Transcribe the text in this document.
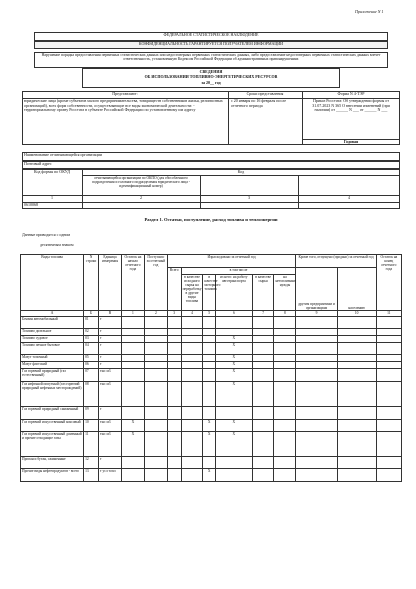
Приложение N 1
ФЕДЕРАЛЬНОЕ СТАТИСТИЧЕСКОЕ НАБЛЮДЕНИЕ
КОНФИДЕНЦИАЛЬНОСТЬ ГАРАНТИРУЕТСЯ ПОЛУЧАТЕЛЕМ ИНФОРМАЦИИ
Нарушение порядка предоставления первичных статистических данных или недостоверных первичных статистических данных, либо предоставление недостоверных первичных статистических данных влечет ответственность, установленную Кодексом Российской Федерации об административных правонарушениях
СВЕДЕНИЯ
ОБ ИСПОЛЬЗОВАНИИ ТОПЛИВНО-ЭНЕРГЕТИЧЕСКИХ РЕСУРСОВ
за 20__ год
Представляют:	Сроки представления	Форма N 4-ТЭР
юридические лица (кроме субъектов малого предпринимательства, товариществ собственников жилья, религиозных организаций), всех форм собственности, осуществляющие все виды экономической деятельности: - территориальному органу Росстата в субъекте Российской Федерации по установленному им адресу
с 20 января по 16 февраля после отчетного периода
Приказ Росстата: Об утверждении формы от 31.07.2023 N 365 О внесении изменений (при наличии) от ______ N ___ от ______ N ___
Годовая
Наименование отчитывающейся организации
Почтовый адрес
Код
Код формы по ОКУД
отчитывающейся организации по ОКПО (для обособленного подразделения и головного подразделения юридического лица - идентификационный номер)
1	2	3	4
0610068
Раздел 1. Остатки, поступление, расход топлива и теплоэнергии
Данные приводятся с одним
десятичным знаком
Виды топлива	N строки	Единица измерения	Остаток на начало отчетного года	Поступило за отчетный год	Израсходовано за отчетный год						Кроме того, отпущено (продано) за отчетный год		Остаток на конец отчетного года
					Всего	в том числе					другим предприятиям и организациям	населению	
						в качестве исходного сырья на переработку в другие виды топлива	в качестве моторного топлива	из него: на работу автотранспорта	в качестве сырья	на нетопливные нужды			
А	Б	В	1	2	3	4	5	6	7	8	9	10	11
Бензин автомобильный	01	т											
Топливо дизельное	02	т											
Топливо судовое	03	т						X					
Топливо печное бытовое	04	т						X					
Мазут топочный	05	т						X					
Мазут флотский	06	т						X					
Газ горючий природный (газ естественный)	07	тыс м3						X					
Газ нефтяной попутный (газ горючий природный нефтяных месторождений)	08	тыс м3						X					
Газ горючий природный сжиженный	09	т											
Газ горючий искусственный коксовый	10	тыс м3	X				X	X					
Газ горючий искусственный доменный и прочие отходящие газы	11	тыс м3	X				X	X					
Пропан и бутан, сжиженные	12	т											
Прочие виды нефтепродуктов - всего	13	т усл топл					X						
